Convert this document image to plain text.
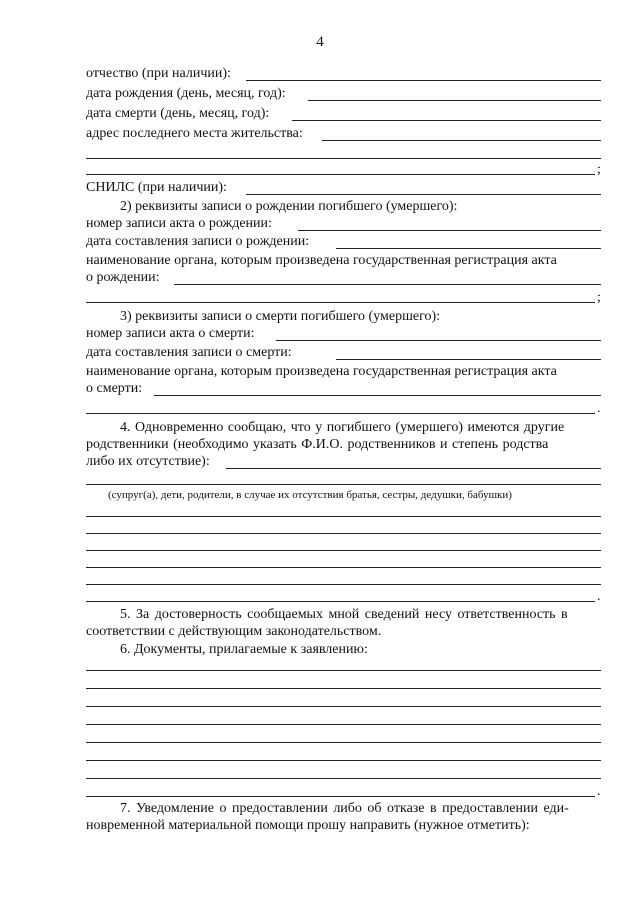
4
отчество (при наличии):
дата рождения (день, месяц, год):
дата смерти (день, месяц, год):
адрес последнего места жительства:
;
СНИЛС (при наличии):
2) реквизиты записи о рождении погибшего (умершего):
номер записи акта о рождении:
дата составления записи о рождении:
наименование органа, которым произведена государственная регистрация акта
о рождении:
;
3) реквизиты записи о смерти погибшего (умершего):
номер записи акта о смерти:
дата составления записи о смерти:
наименование органа, которым произведена государственная регистрация акта
о смерти:
.
4. Одновременно сообщаю, что у погибшего (умершего) имеются другие
родственники (необходимо указать Ф.И.О. родственников и степень родства
либо их отсутствие):
(супруг(а), дети, родители, в случае их отсутствия братья, сестры, дедушки, бабушки)
.
5. За достоверность сообщаемых мной сведений несу ответственность в
соответствии с действующим законодательством.
6. Документы, прилагаемые к заявлению:
.
7. Уведомление о предоставлении либо об отказе в предоставлении еди-
новременной материальной помощи прошу направить (нужное отметить):
